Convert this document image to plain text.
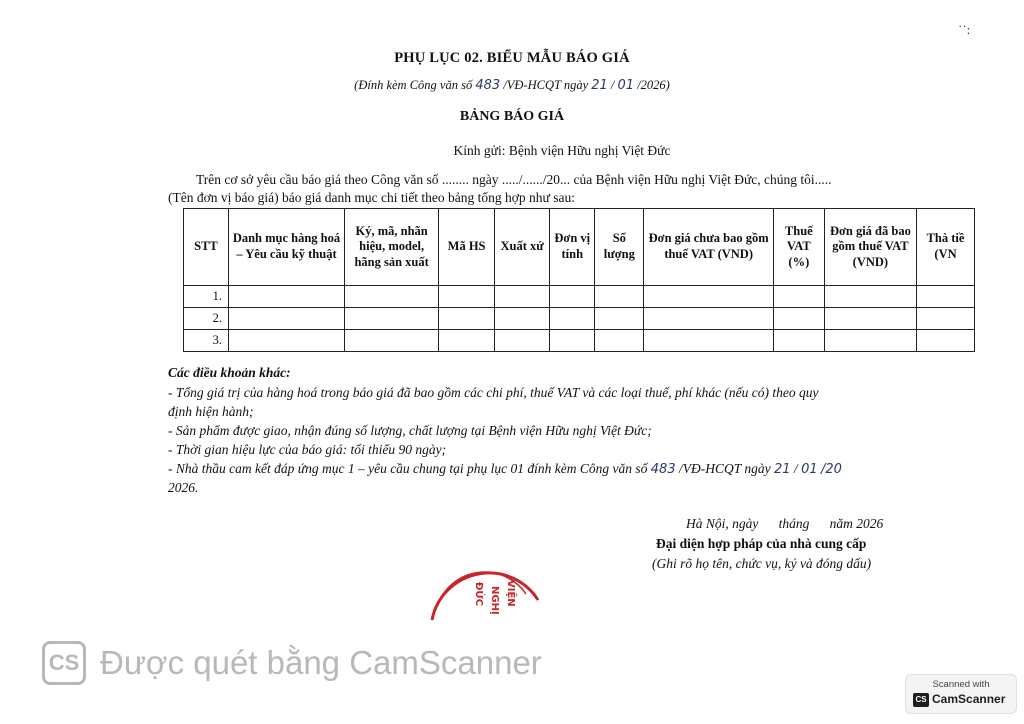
˙˙:
PHỤ LỤC 02. BIỂU MẪU BÁO GIÁ
(Đính kèm Công văn số 483 /VĐ-HCQT ngày 21 / 01 /2026)
BẢNG BÁO GIÁ
Kính gửi: Bệnh viện Hữu nghị Việt Đức
Trên cơ sở yêu cầu báo giá theo Công văn số ........ ngày ...../....../20... của Bệnh viện Hữu nghị Việt Đức, chúng tôi.....
(Tên đơn vị báo giá) báo giá danh mục chi tiết theo bảng tổng hợp như sau:
STT	Danh mục hàng hoá – Yêu cầu kỹ thuật	Ký, mã, nhãn hiệu, model, hãng sản xuất	Mã HS	Xuất xứ	Đơn vị tính	Số lượng	Đơn giá chưa bao gồm thuế VAT (VND)	Thuế VAT (%)	Đơn giá đã bao gồm thuế VAT (VND)	Thà tiề (VN
1.										
2.										
3.										
Các điều khoản khác:
- Tổng giá trị của hàng hoá trong báo giá đã bao gồm các chi phí, thuế VAT và các loại thuế, phí khác (nếu có) theo quy
định hiện hành;
- Sản phẩm được giao, nhận đúng số lượng, chất lượng tại Bệnh viện Hữu nghị Việt Đức;
- Thời gian hiệu lực của báo giá: tối thiểu 90 ngày;
- Nhà thầu cam kết đáp ứng mục 1 – yêu cầu chung tại phụ lục 01 đính kèm Công văn số 483 /VĐ-HCQT ngày 21 / 01 /20
2026.
Hà Nội, ngày      tháng      năm 2026
Đại diện hợp pháp của nhà cung cấp
(Ghi rõ họ tên, chức vụ, ký và đóng dấu)
VIỆN
NGHỊ
ĐỨC
CS Được quét bằng CamScanner
Scanned with
CS CamScanner
